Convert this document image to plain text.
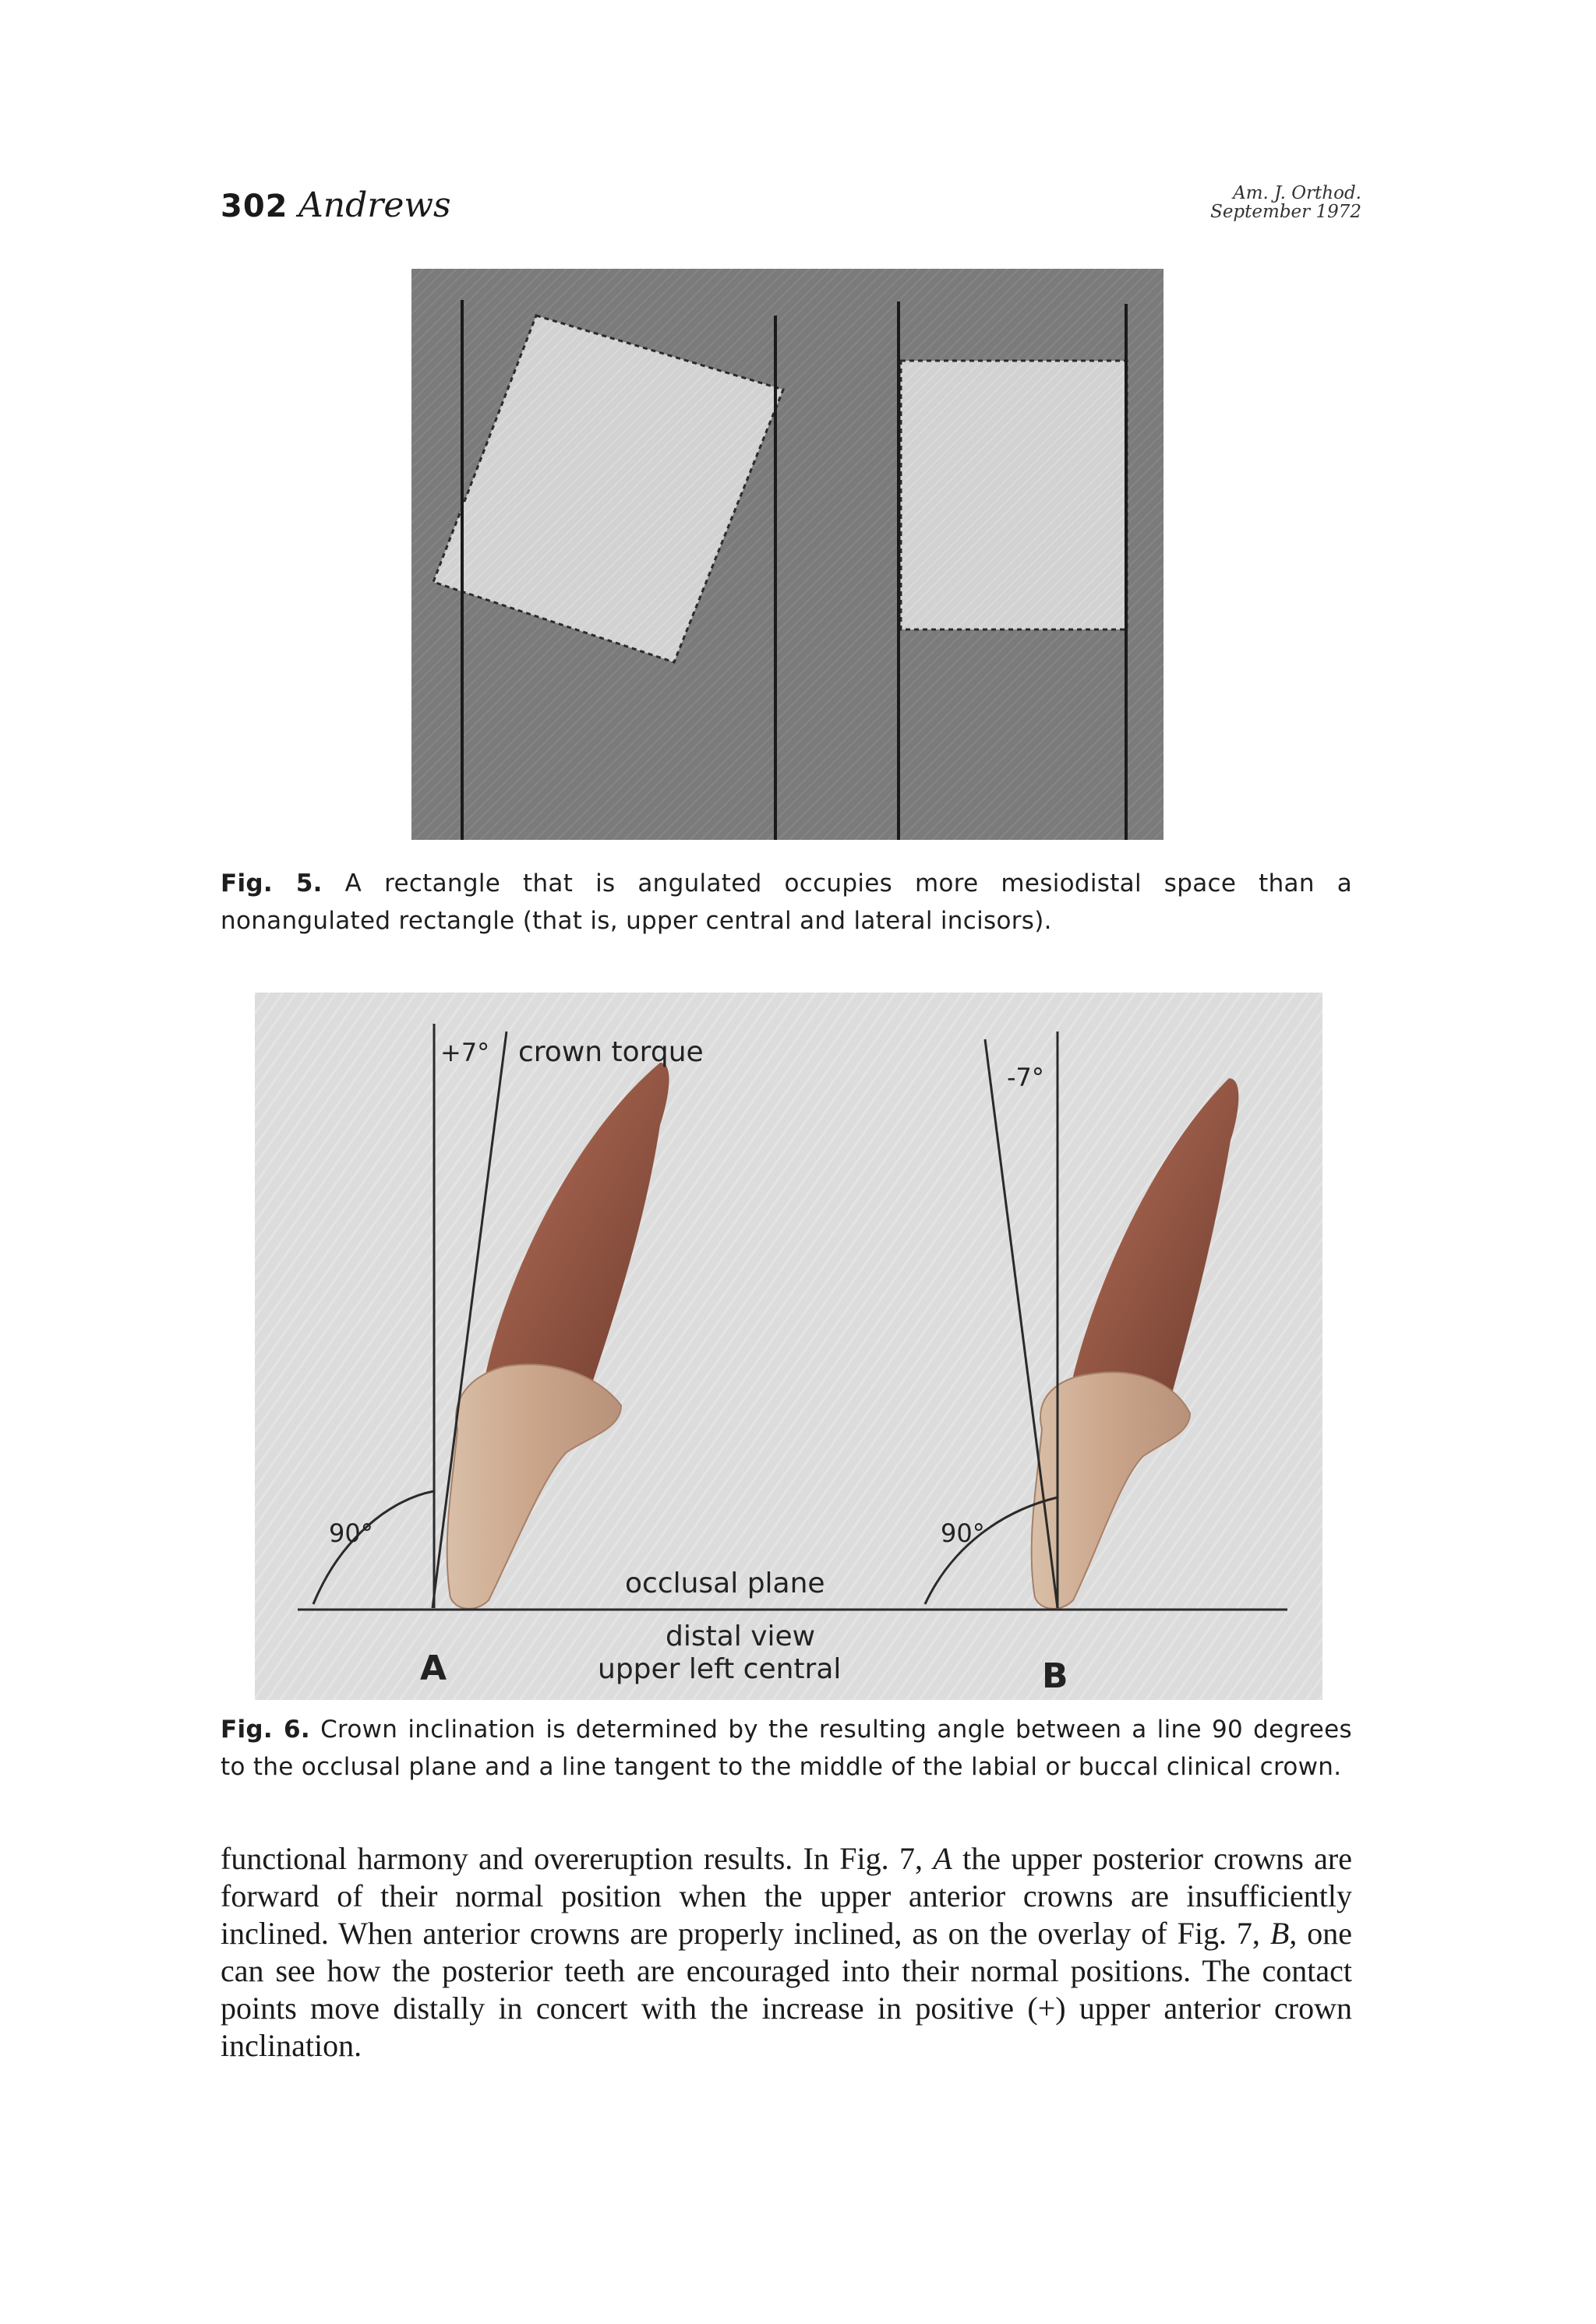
302 Andrews	Am. J. Orthod.
September 1972
Fig. 5. A rectangle that is angulated occupies more mesiodistal space than a nonangulated rectangle (that is, upper central and lateral incisors).
+7° crown torque
90°
-7°
90°
occlusal plane
distal view
upper left central
A	B
Fig. 6. Crown inclination is determined by the resulting angle between a line 90 degrees to the occlusal plane and a line tangent to the middle of the labial or buccal clinical crown.
functional harmony and overeruption results. In Fig. 7, A the upper posterior crowns are forward of their normal position when the upper anterior crowns are insufficiently inclined. When anterior crowns are properly inclined, as on the overlay of Fig. 7, B, one can see how the posterior teeth are encouraged into their normal positions. The contact points move distally in concert with the increase in positive (+) upper anterior crown inclination.
